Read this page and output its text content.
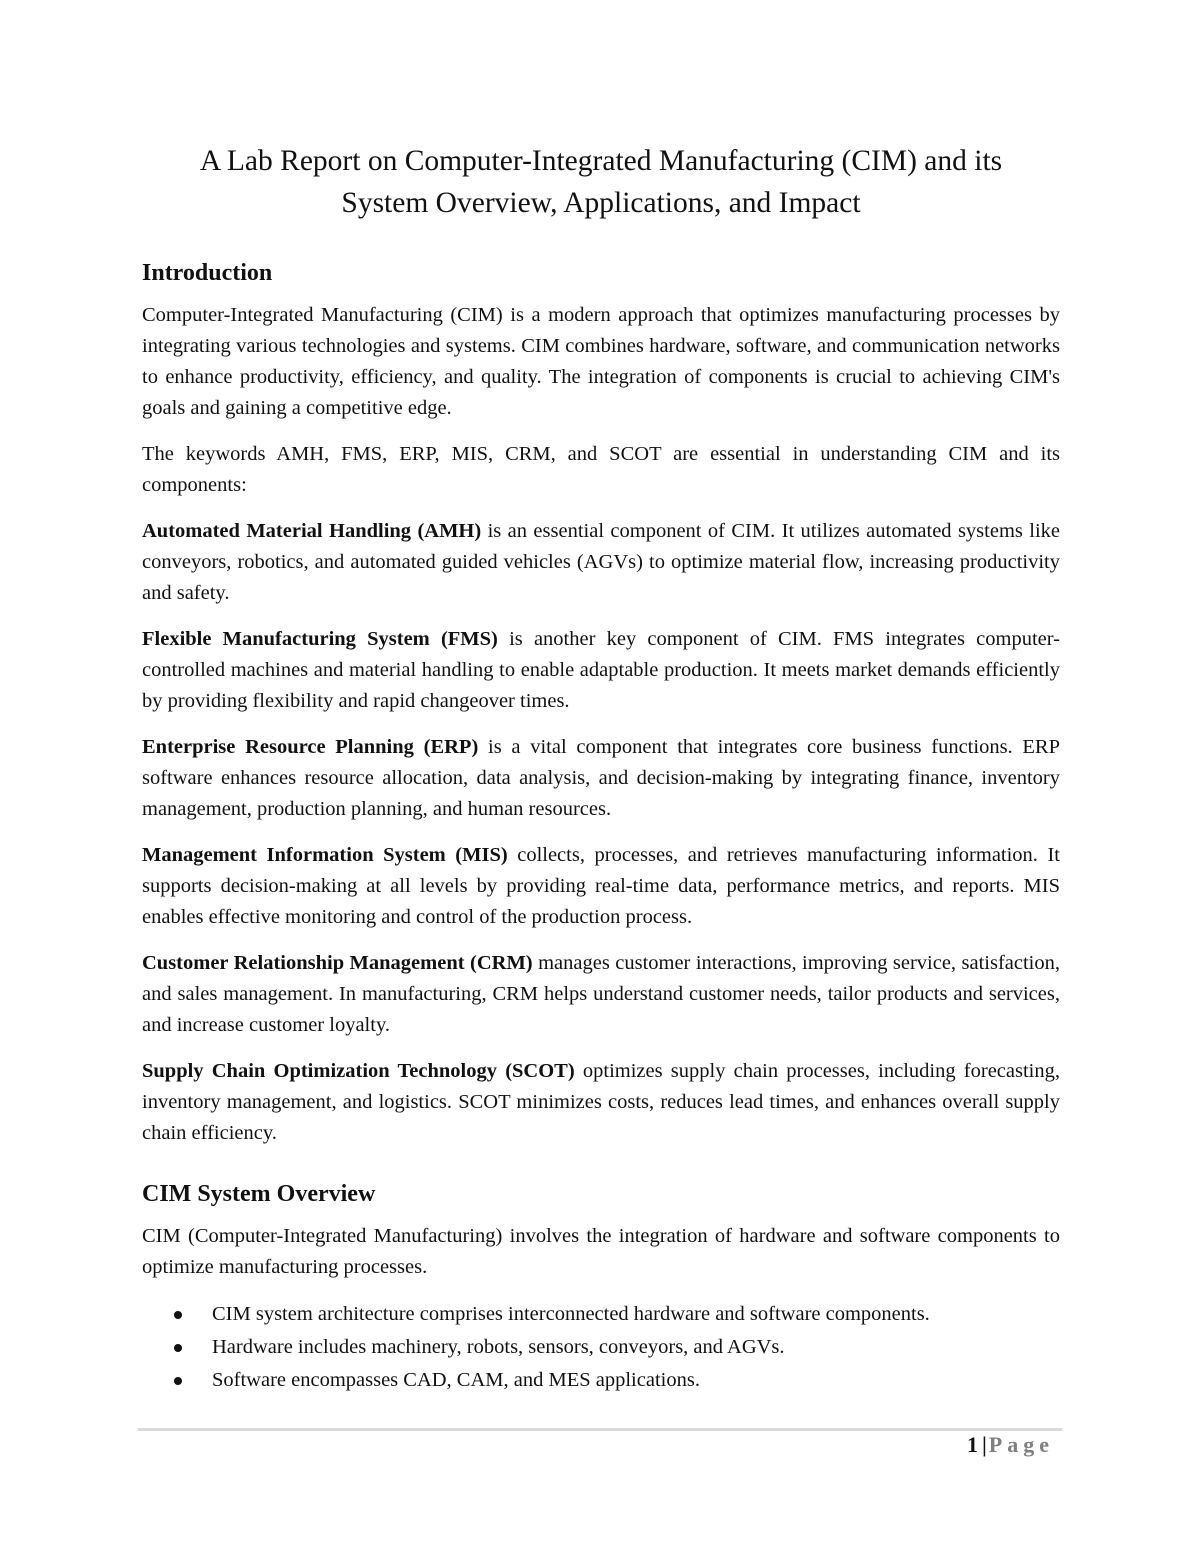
A Lab Report on Computer-Integrated Manufacturing (CIM) and its
System Overview, Applications, and Impact
Introduction

Computer-Integrated Manufacturing (CIM) is a modern approach that optimizes manufacturing processes by integrating various technologies and systems. CIM combines hardware, software, and communication networks to enhance productivity, efficiency, and quality. The integration of components is crucial to achieving CIM's goals and gaining a competitive edge.

The keywords AMH, FMS, ERP, MIS, CRM, and SCOT are essential in understanding CIM and its components:

Automated Material Handling (AMH) is an essential component of CIM. It utilizes automated systems like conveyors, robotics, and automated guided vehicles (AGVs) to optimize material flow, increasing productivity and safety.

Flexible Manufacturing System (FMS) is another key component of CIM. FMS integrates computer-controlled machines and material handling to enable adaptable production. It meets market demands efficiently by providing flexibility and rapid changeover times.

Enterprise Resource Planning (ERP) is a vital component that integrates core business functions. ERP software enhances resource allocation, data analysis, and decision-making by integrating finance, inventory management, production planning, and human resources.

Management Information System (MIS) collects, processes, and retrieves manufacturing information. It supports decision-making at all levels by providing real-time data, performance metrics, and reports. MIS enables effective monitoring and control of the production process.

Customer Relationship Management (CRM) manages customer interactions, improving service, satisfaction, and sales management. In manufacturing, CRM helps understand customer needs, tailor products and services, and increase customer loyalty.

Supply Chain Optimization Technology (SCOT) optimizes supply chain processes, including forecasting, inventory management, and logistics. SCOT minimizes costs, reduces lead times, and enhances overall supply chain efficiency.

CIM System Overview

CIM (Computer-Integrated Manufacturing) involves the integration of hardware and software components to optimize manufacturing processes.

CIM system architecture comprises interconnected hardware and software components.
Hardware includes machinery, robots, sensors, conveyors, and AGVs.
Software encompasses CAD, CAM, and MES applications.
1 |Page
